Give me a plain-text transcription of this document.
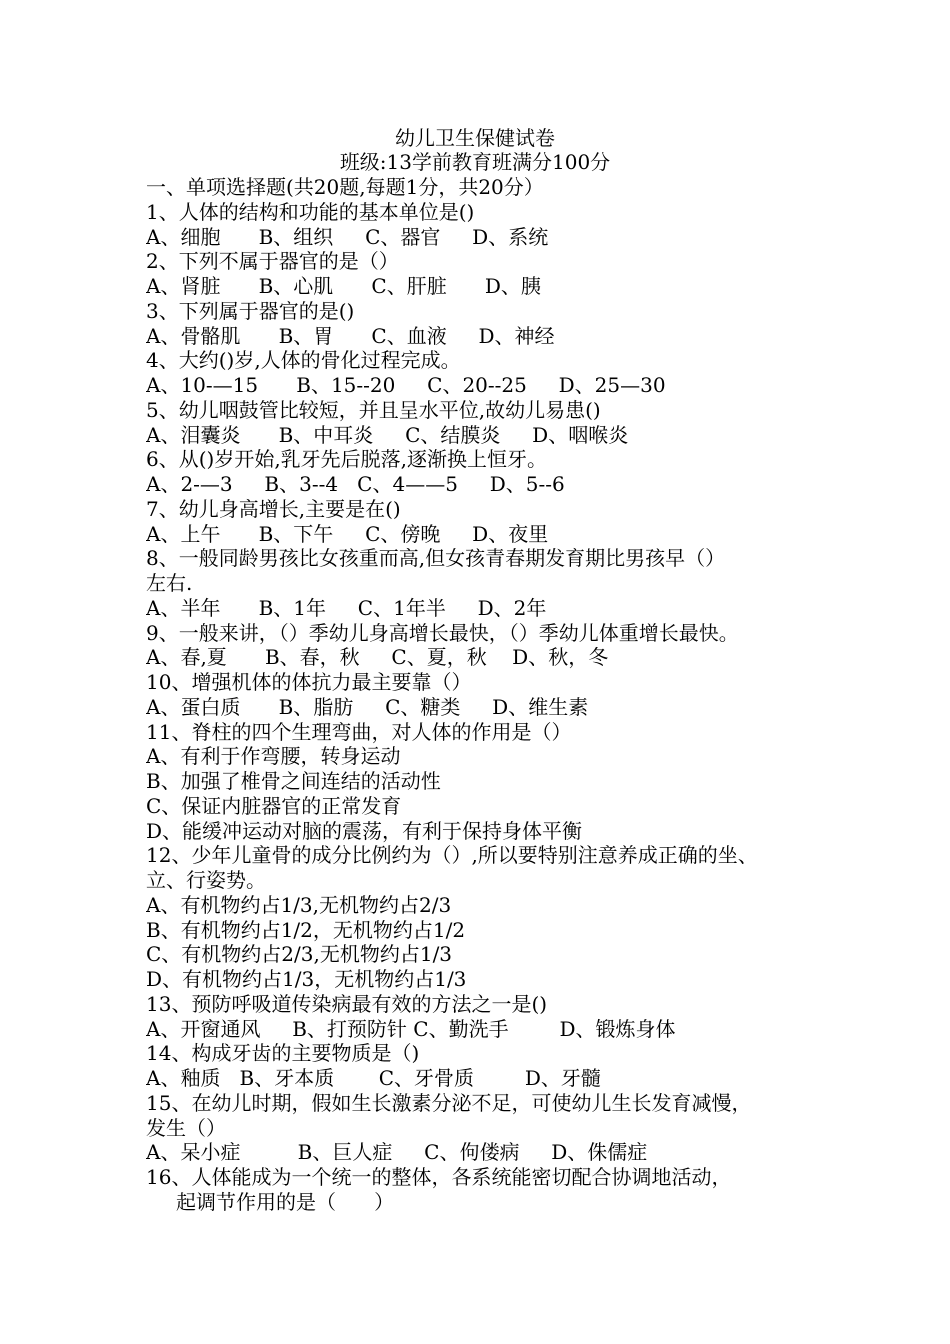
幼儿卫生保健试卷
班级:13学前教育班满分100分
一、单项选择题(共20题,每题1分，共20分）
1、人体的结构和功能的基本单位是()
A、细胞      B、组织     C、器官     D、系统
2、下列不属于器官的是（）
A、肾脏      B、心肌      C、肝脏      D、胰
3、下列属于器官的是()
A、骨骼肌      B、胃      C、血液     D、神经
4、大约()岁,人体的骨化过程完成。
A、10-—15      B、15--20     C、20--25     D、25—30
5、幼儿咽鼓管比较短，并且呈水平位,故幼儿易患()
A、泪囊炎      B、中耳炎     C、结膜炎     D、咽喉炎
6、从()岁开始,乳牙先后脱落,逐渐换上恒牙。
A、2-—3     B、3--4   C、4——5     D、5--6
7、幼儿身高增长,主要是在()
A、上午      B、下午     C、傍晚     D、夜里
8、一般同龄男孩比女孩重而高,但女孩青春期发育期比男孩早（）
左右.
A、半年      B、1年     C、1年半     D、2年
9、一般来讲，（）季幼儿身高增长最快，（）季幼儿体重增长最快。
A、春,夏      B、春，秋     C、夏，秋    D、秋，冬
10、增强机体的体抗力最主要靠（）
A、蛋白质      B、脂肪     C、糖类     D、维生素
11、脊柱的四个生理弯曲，对人体的作用是（）
A、有利于作弯腰，转身运动
B、加强了椎骨之间连结的活动性
C、保证内脏器官的正常发育
D、能缓冲运动对脑的震荡，有利于保持身体平衡
12、少年儿童骨的成分比例约为（）,所以要特别注意养成正确的坐、
立、行姿势。
A、有机物约占1/3,无机物约占2/3
B、有机物约占1/2，无机物约占1/2
C、有机物约占2/3,无机物约占1/3
D、有机物约占1/3，无机物约占1/3
13、预防呼吸道传染病最有效的方法之一是()
A、开窗通风     B、打预防针 C、勤洗手        D、锻炼身体
14、构成牙齿的主要物质是（)
A、釉质   B、牙本质       C、牙骨质        D、牙髓
15、在幼儿时期，假如生长激素分泌不足，可使幼儿生长发育减慢，
发生（）
A、呆小症         B、巨人症     C、佝偻病     D、侏儒症
16、人体能成为一个统一的整体，各系统能密切配合协调地活动，
起调节作用的是（      ）
